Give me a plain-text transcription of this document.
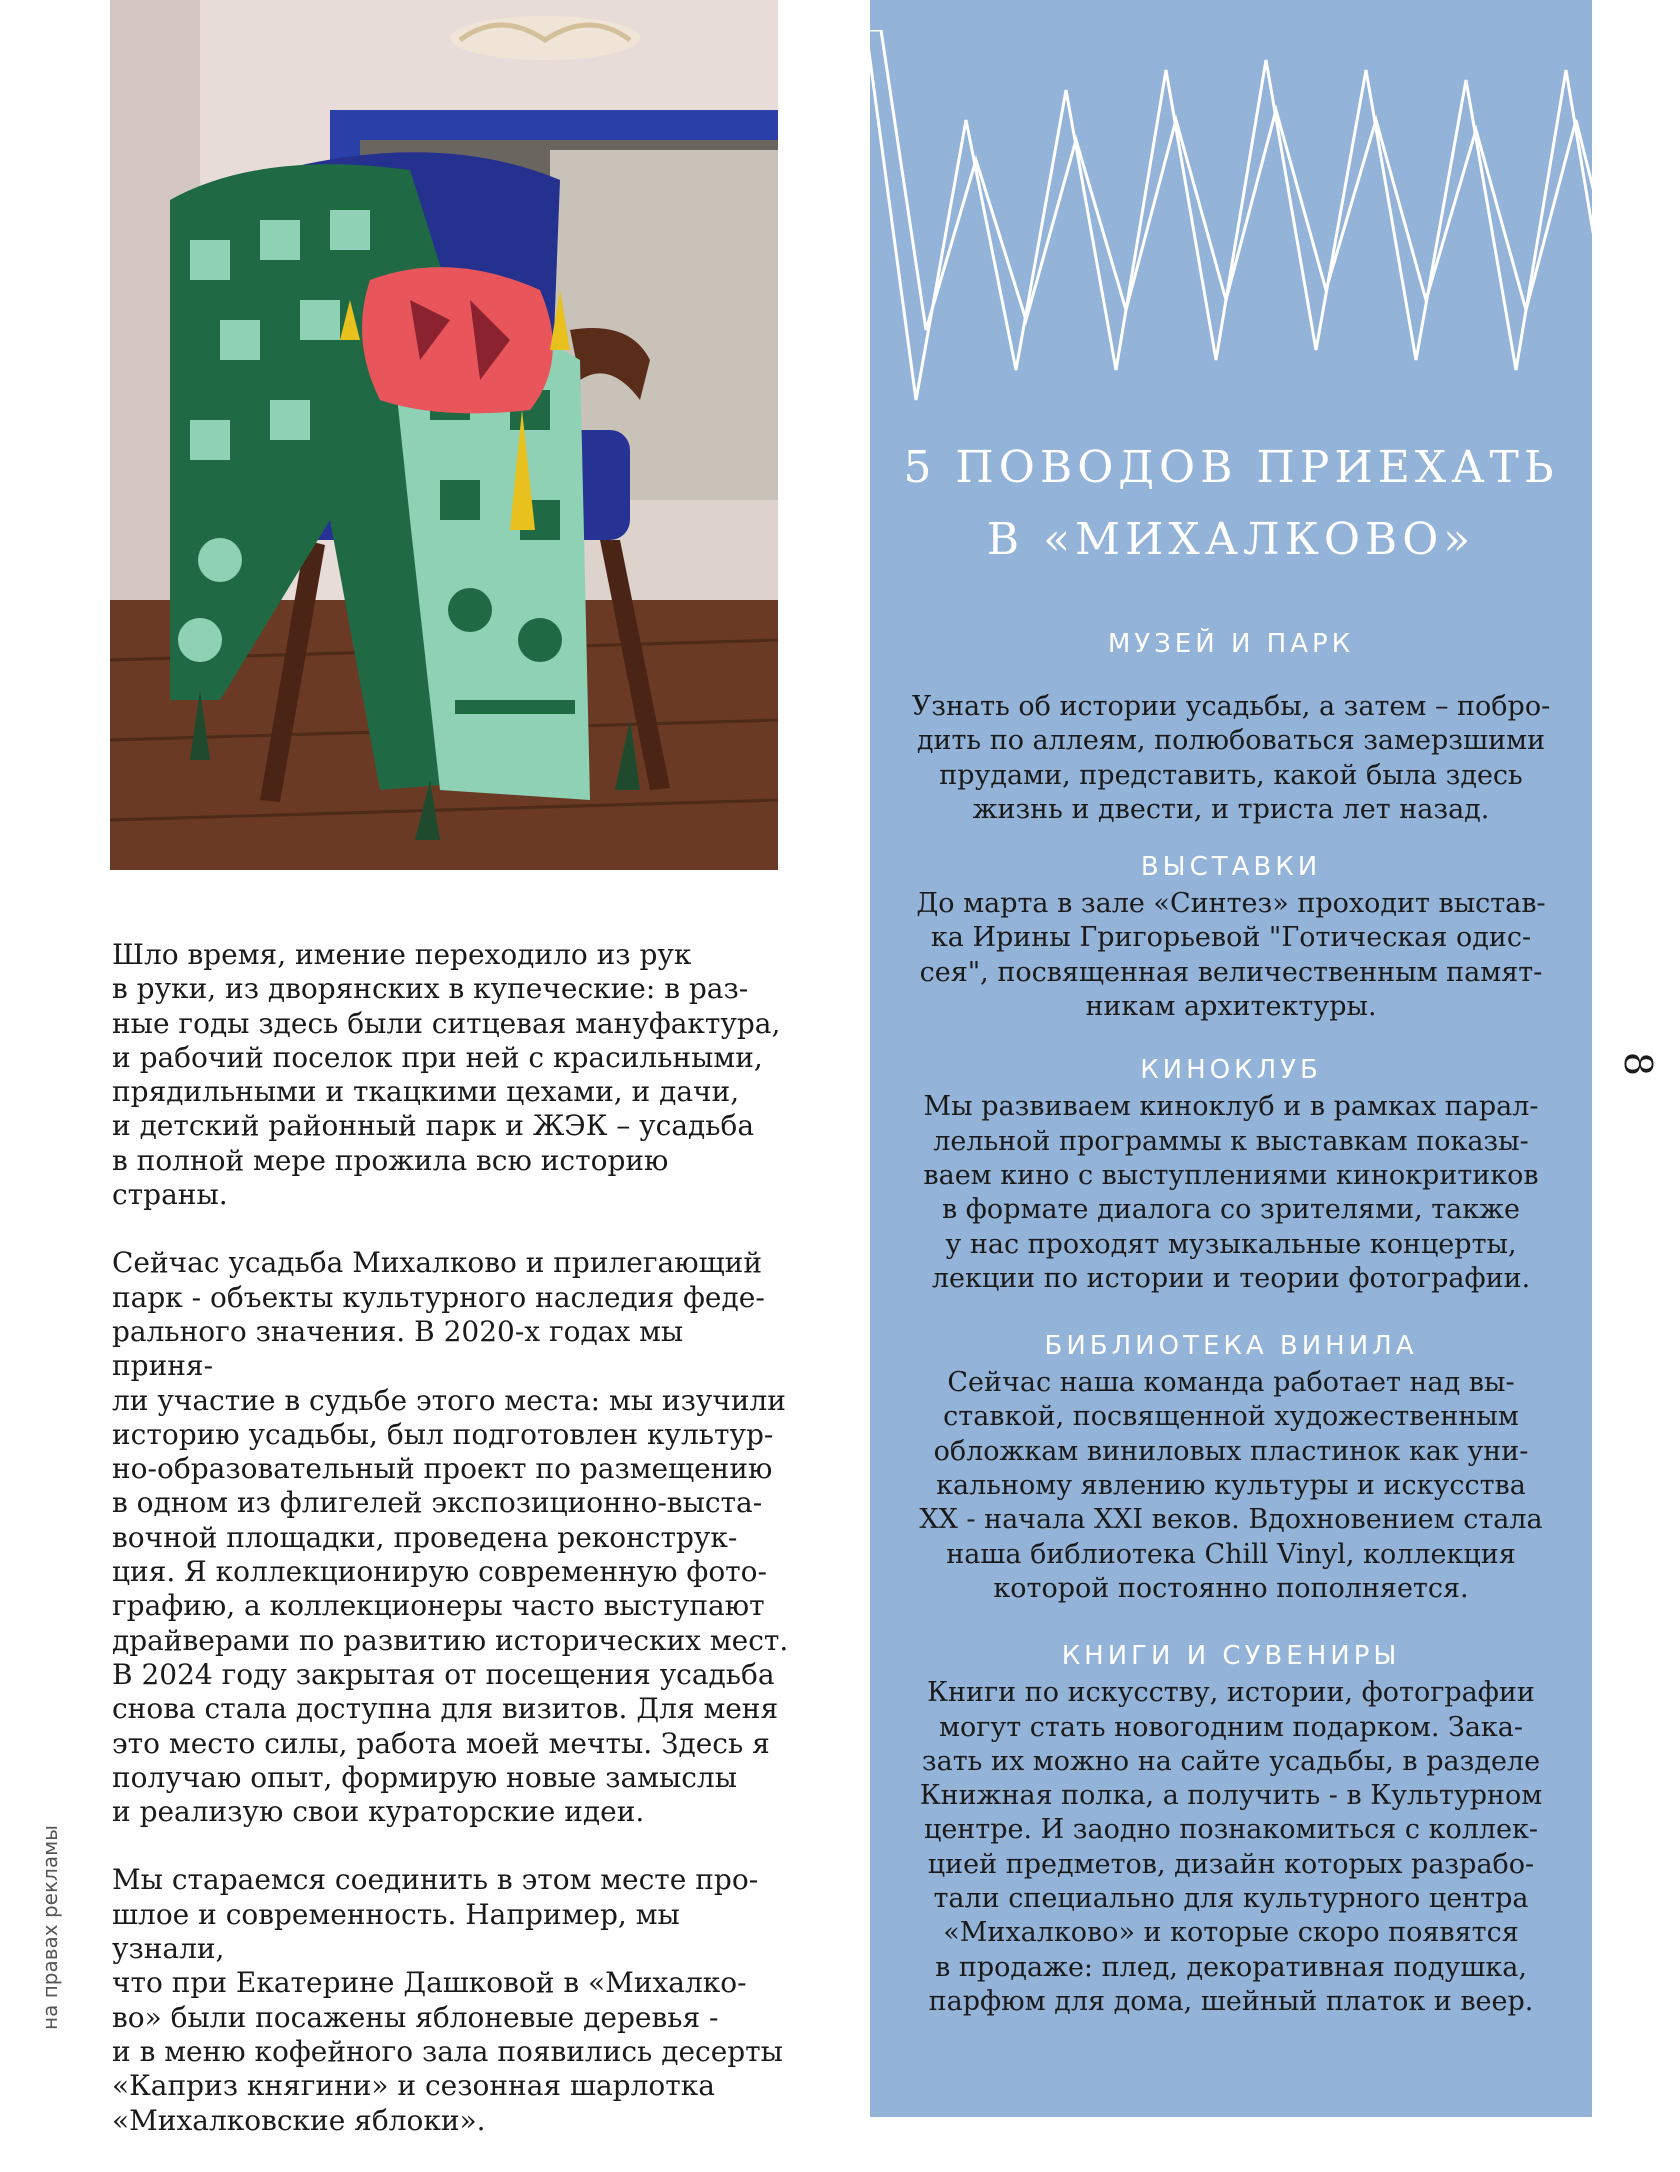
Шло время, имение переходило из рук
в руки, из дворянских в купеческие: в раз-
ные годы здесь были ситцевая мануфактура,
и рабочий поселок при ней с красильными,
прядильными и ткацкими цехами, и дачи,
и детский районный парк и ЖЭК – усадьба
в полной мере прожила всю историю страны.

Сейчас усадьба Михалково и прилегающий
парк - объекты культурного наследия феде-
рального значения. В 2020-х годах мы приня-
ли участие в судьбе этого места: мы изучили
историю усадьбы, был подготовлен культур-
но-образовательный проект по размещению
в одном из флигелей экспозиционно-выста-
вочной площадки, проведена реконструк-
ция. Я коллекционирую современную фото-
графию, а коллекционеры часто выступают
драйверами по развитию исторических мест.
В 2024 году закрытая от посещения усадьба
снова стала доступна для визитов. Для меня
это место силы, работа моей мечты. Здесь я
получаю опыт, формирую новые замыслы
и реализую свои кураторские идеи.

Мы стараемся соединить в этом месте про-
шлое и современность. Например, мы узнали,
что при Екатерине Дашковой в «Михалко-
во» были посажены яблоневые деревья -
и в меню кофейного зала появились десерты
«Каприз княгини» и сезонная шарлотка
«Михалковские яблоки».

на правах рекламы
5 ПОВОДОВ ПРИЕХАТЬ
В «МИХАЛКОВО»
МУЗЕЙ И ПАРК

Узнать об истории усадьбы, а затем – побро-
дить по аллеям, полюбоваться замерзшими
прудами, представить, какой была здесь
жизнь и двести, и триста лет назад.

ВЫСТАВКИ

До марта в зале «Синтез» проходит выстав-
ка Ирины Григорьевой "Готическая одис-
сея", посвященная величественным памят-
никам архитектуры.

КИНОКЛУБ

Мы развиваем киноклуб и в рамках парал-
лельной программы к выставкам показы-
ваем кино с выступлениями кинокритиков
в формате диалога со зрителями, также
у нас проходят музыкальные концерты,
лекции по истории и теории фотографии.

БИБЛИОТЕКА ВИНИЛА

Сейчас наша команда работает над вы-
ставкой, посвященной художественным
обложкам виниловых пластинок как уни-
кальному явлению культуры и искусства
XX - начала XXI веков. Вдохновением стала
наша библиотека Chill Vinyl, коллекция
которой постоянно пополняется.

КНИГИ И СУВЕНИРЫ

Книги по искусству, истории, фотографии
могут стать новогодним подарком. Зака-
зать их можно на сайте усадьбы, в разделе
Книжная полка, а получить - в Культурном
центре. И заодно познакомиться с коллек-
цией предметов, дизайн которых разрабо-
тали специально для культурного центра
«Михалково» и которые скоро появятся
в продаже: плед, декоративная подушка,
парфюм для дома, шейный платок и веер.

8
